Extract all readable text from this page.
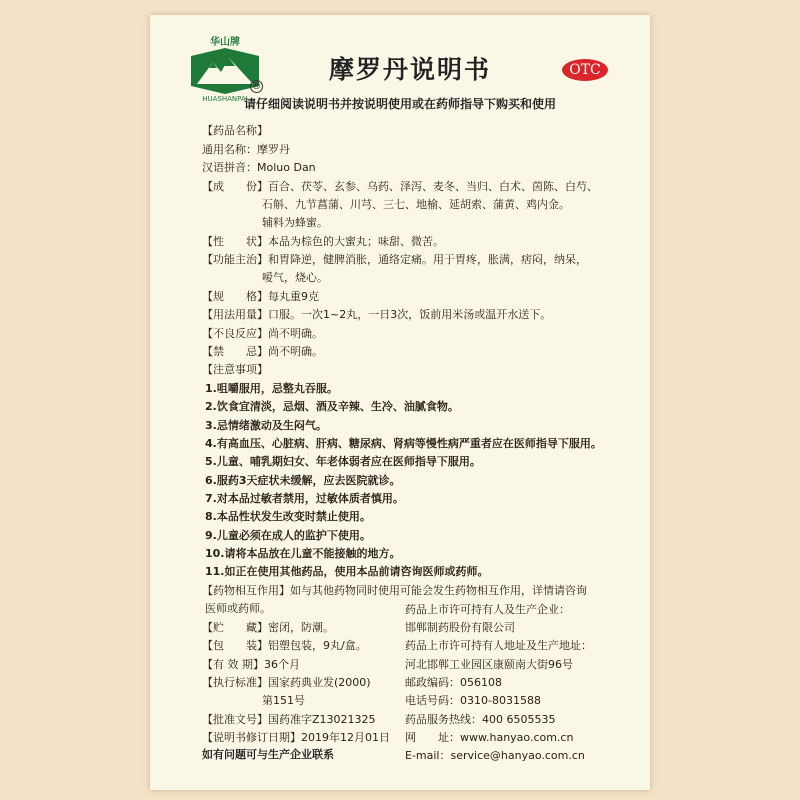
华山牌
HUASHANPAI
®
摩罗丹说明书	OTC
请仔细阅读说明书并按说明使用或在药师指导下购买和使用
【药品名称】
通用名称：摩罗丹
汉语拼音：Moluo Dan
【成　　份】百合、茯苓、玄参、乌药、泽泻、麦冬、当归、白术、茵陈、白芍、
石斛、九节菖蒲、川芎、三七、地榆、延胡索、蒲黄、鸡内金。
辅料为蜂蜜。
【性　　状】本品为棕色的大蜜丸；味甜、微苦。
【功能主治】和胃降逆，健脾消胀，通络定痛。用于胃疼，胀满，痞闷，纳呆，
嗳气，烧心。
【规　　格】每丸重9克
【用法用量】口服。一次1~2丸，一日3次，饭前用米汤或温开水送下。
【不良反应】尚不明确。
【禁　　忌】尚不明确。
【注意事项】
1.咀嚼服用，忌整丸吞服。
2.饮食宜清淡，忌烟、酒及辛辣、生冷、油腻食物。
3.忌情绪激动及生闷气。
4.有高血压、心脏病、肝病、糖尿病、肾病等慢性病严重者应在医师指导下服用。
5.儿童、哺乳期妇女、年老体弱者应在医师指导下服用。
6.服药3天症状未缓解，应去医院就诊。
7.对本品过敏者禁用，过敏体质者慎用。
8.本品性状发生改变时禁止使用。
9.儿童必须在成人的监护下使用。
10.请将本品放在儿童不能接触的地方。
11.如正在使用其他药品，使用本品前请咨询医师或药师。
【药物相互作用】如与其他药物同时使用可能会发生药物相互作用，详情请咨询
医师或药师。
【贮　　藏】密闭，防潮。
【包　　装】铝塑包装，9丸/盒。
【有 效 期】36个月
【执行标准】国家药典业发(2000)
第151号
【批准文号】国药准字Z13021325
【说明书修订日期】2019年12月01日
药品上市许可持有人及生产企业：
邯郸制药股份有限公司
药品上市许可持有人地址及生产地址：
河北邯郸工业园区康颐南大街96号
邮政编码：056108
电话号码：0310-8031588
药品服务热线：400 6505535
网　　址：www.hanyao.com.cn
E-mail：service@hanyao.com.cn
如有问题可与生产企业联系
